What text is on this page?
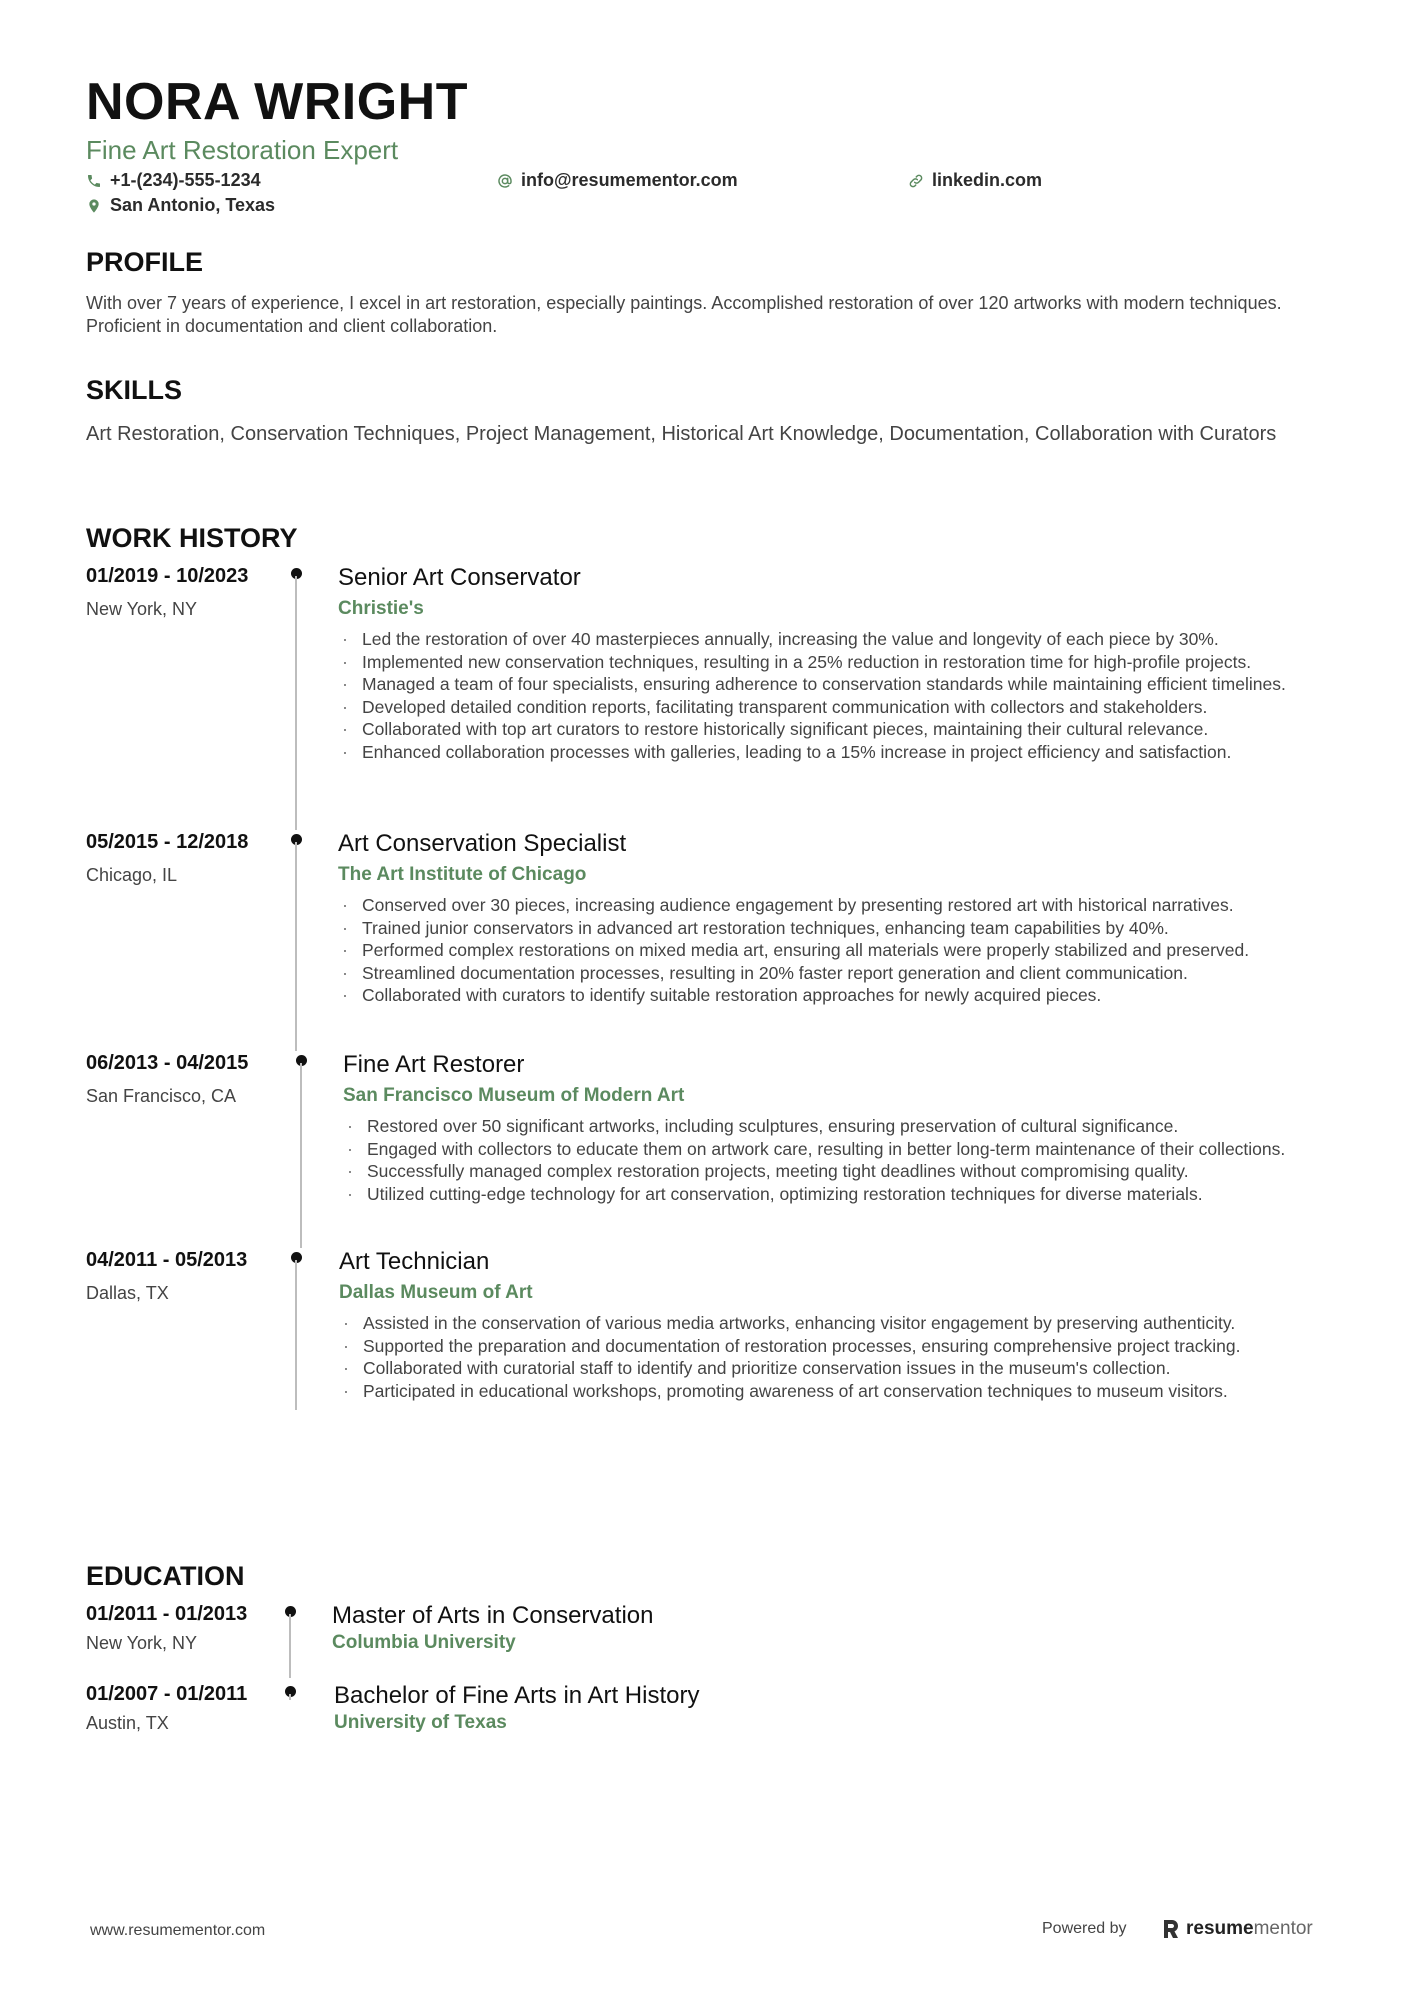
NORA WRIGHT
Fine Art Restoration Expert
+1-(234)-555-1234	info@resumementor.com	linkedin.com
San Antonio, Texas
PROFILE
With over 7 years of experience, I excel in art restoration, especially paintings. Accomplished restoration of over 120 artworks with modern techniques. Proficient in documentation and client collaboration.
SKILLS
Art Restoration, Conservation Techniques, Project Management, Historical Art Knowledge, Documentation, Collaboration with Curators
WORK HISTORY
01/2019 - 10/2023
New York, NY
Senior Art Conservator
Christie's
· Led the restoration of over 40 masterpieces annually, increasing the value and longevity of each piece by 30%.
· Implemented new conservation techniques, resulting in a 25% reduction in restoration time for high-profile projects.
· Managed a team of four specialists, ensuring adherence to conservation standards while maintaining efficient timelines.
· Developed detailed condition reports, facilitating transparent communication with collectors and stakeholders.
· Collaborated with top art curators to restore historically significant pieces, maintaining their cultural relevance.
· Enhanced collaboration processes with galleries, leading to a 15% increase in project efficiency and satisfaction.
05/2015 - 12/2018
Chicago, IL
Art Conservation Specialist
The Art Institute of Chicago
· Conserved over 30 pieces, increasing audience engagement by presenting restored art with historical narratives.
· Trained junior conservators in advanced art restoration techniques, enhancing team capabilities by 40%.
· Performed complex restorations on mixed media art, ensuring all materials were properly stabilized and preserved.
· Streamlined documentation processes, resulting in 20% faster report generation and client communication.
· Collaborated with curators to identify suitable restoration approaches for newly acquired pieces.
06/2013 - 04/2015
San Francisco, CA
Fine Art Restorer
San Francisco Museum of Modern Art
· Restored over 50 significant artworks, including sculptures, ensuring preservation of cultural significance.
· Engaged with collectors to educate them on artwork care, resulting in better long-term maintenance of their collections.
· Successfully managed complex restoration projects, meeting tight deadlines without compromising quality.
· Utilized cutting-edge technology for art conservation, optimizing restoration techniques for diverse materials.
04/2011 - 05/2013
Dallas, TX
Art Technician
Dallas Museum of Art
· Assisted in the conservation of various media artworks, enhancing visitor engagement by preserving authenticity.
· Supported the preparation and documentation of restoration processes, ensuring comprehensive project tracking.
· Collaborated with curatorial staff to identify and prioritize conservation issues in the museum's collection.
· Participated in educational workshops, promoting awareness of art conservation techniques to museum visitors.
EDUCATION
01/2011 - 01/2013
New York, NY
Master of Arts in Conservation
Columbia University
01/2007 - 01/2011
Austin, TX
Bachelor of Fine Arts in Art History
University of Texas
www.resumementor.com	Powered by	resumementor
